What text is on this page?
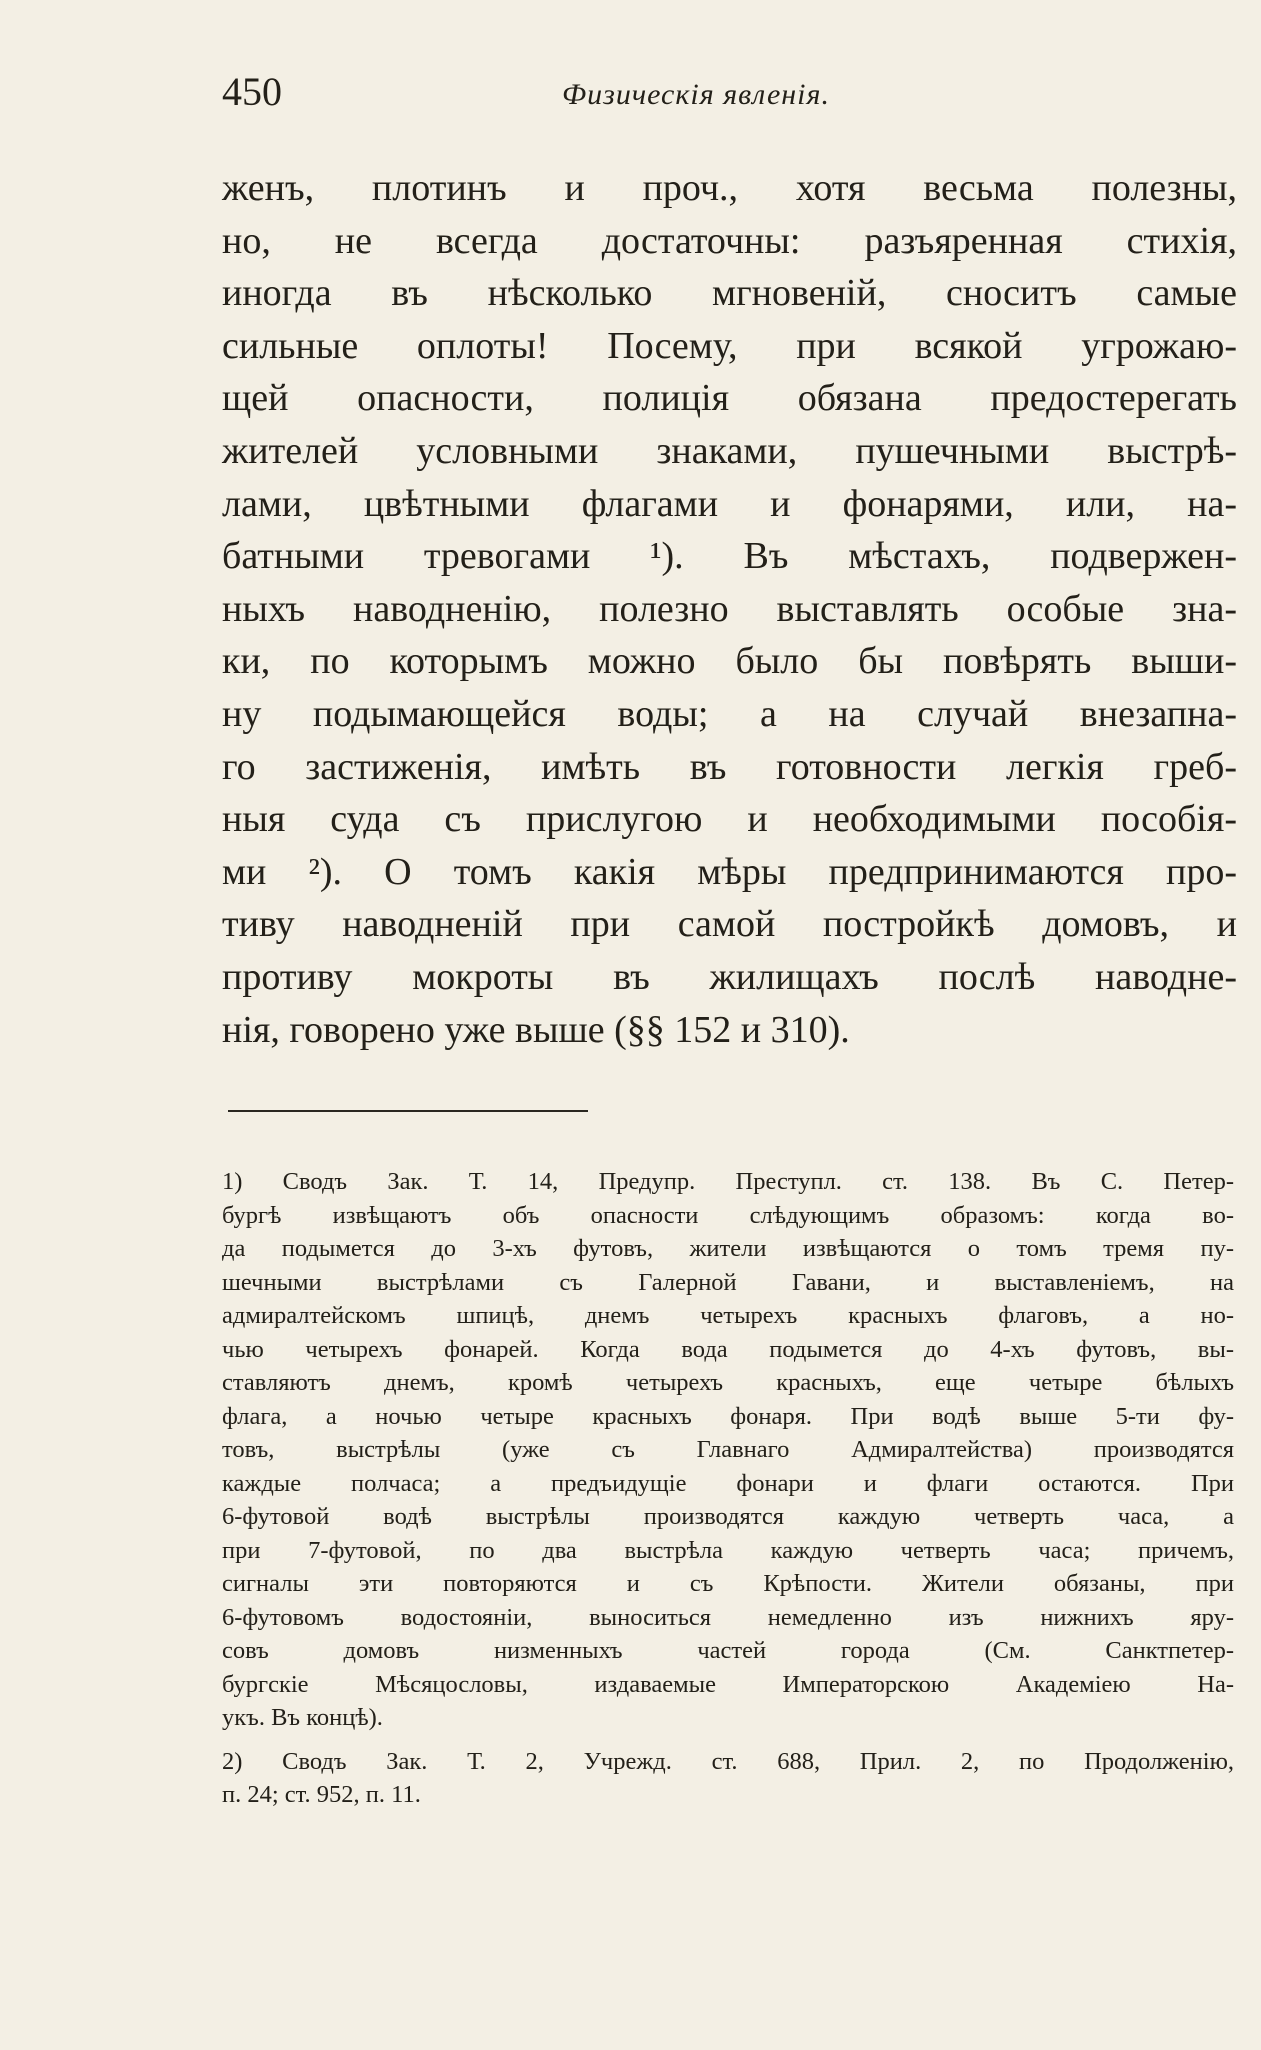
450	Физическія явленія.
женъ, плотинъ и проч., хотя весьма полезны,
но, не всегда достаточны: разъяренная стихія,
иногда въ нѣсколько мгновеній, сноситъ самые
сильные оплоты! Посему, при всякой угрожаю-
щей опасности, полиція обязана предостерегать
жителей условными знаками, пушечными выстрѣ-
лами, цвѣтными флагами и фонарями, или, на-
батными тревогами ¹). Въ мѣстахъ, подвержен-
ныхъ наводненію, полезно выставлять особые зна-
ки, по которымъ можно было бы повѣрять выши-
ну подымающейся воды; а на случай внезапна-
го застиженія, имѣть въ готовности легкія греб-
ныя суда съ прислугою и необходимыми пособія-
ми ²). О томъ какія мѣры предпринимаются про-
тиву наводненій при самой постройкѣ домовъ, и
противу мокроты въ жилищахъ послѣ наводне-
нія, говорено уже выше (§§ 152 и 310).
1) Сводъ Зак. Т. 14, Предупр. Преступл. ст. 138. Въ С. Петер-
бургѣ извѣщаютъ объ опасности слѣдующимъ образомъ: когда во-
да подымется до 3-хъ футовъ, жители извѣщаются о томъ тремя пу-
шечными выстрѣлами съ Галерной Гавани, и выставленіемъ, на
адмиралтейскомъ шпицѣ, днемъ четырехъ красныхъ флаговъ, а но-
чью четырехъ фонарей. Когда вода подымется до 4-хъ футовъ, вы-
ставляютъ днемъ, кромѣ четырехъ красныхъ, еще четыре бѣлыхъ
флага, а ночью четыре красныхъ фонаря. При водѣ выше 5-ти фу-
товъ, выстрѣлы (уже съ Главнаго Адмиралтейства) производятся
каждые полчаса; а предъидущіе фонари и флаги остаются. При
6-футовой водѣ выстрѣлы производятся каждую четверть часа, а
при 7-футовой, по два выстрѣла каждую четверть часа; причемъ,
сигналы эти повторяются и съ Крѣпости. Жители обязаны, при
6-футовомъ водостояніи, выноситься немедленно изъ нижнихъ яру-
совъ домовъ низменныхъ частей города (См. Санктпетер-
бургскіе Мѣсяцословы, издаваемые Императорскою Академіею На-
укъ. Въ концѣ).
2) Сводъ Зак. Т. 2, Учрежд. ст. 688, Прил. 2, по Продолженію,
п. 24; ст. 952, п. 11.
